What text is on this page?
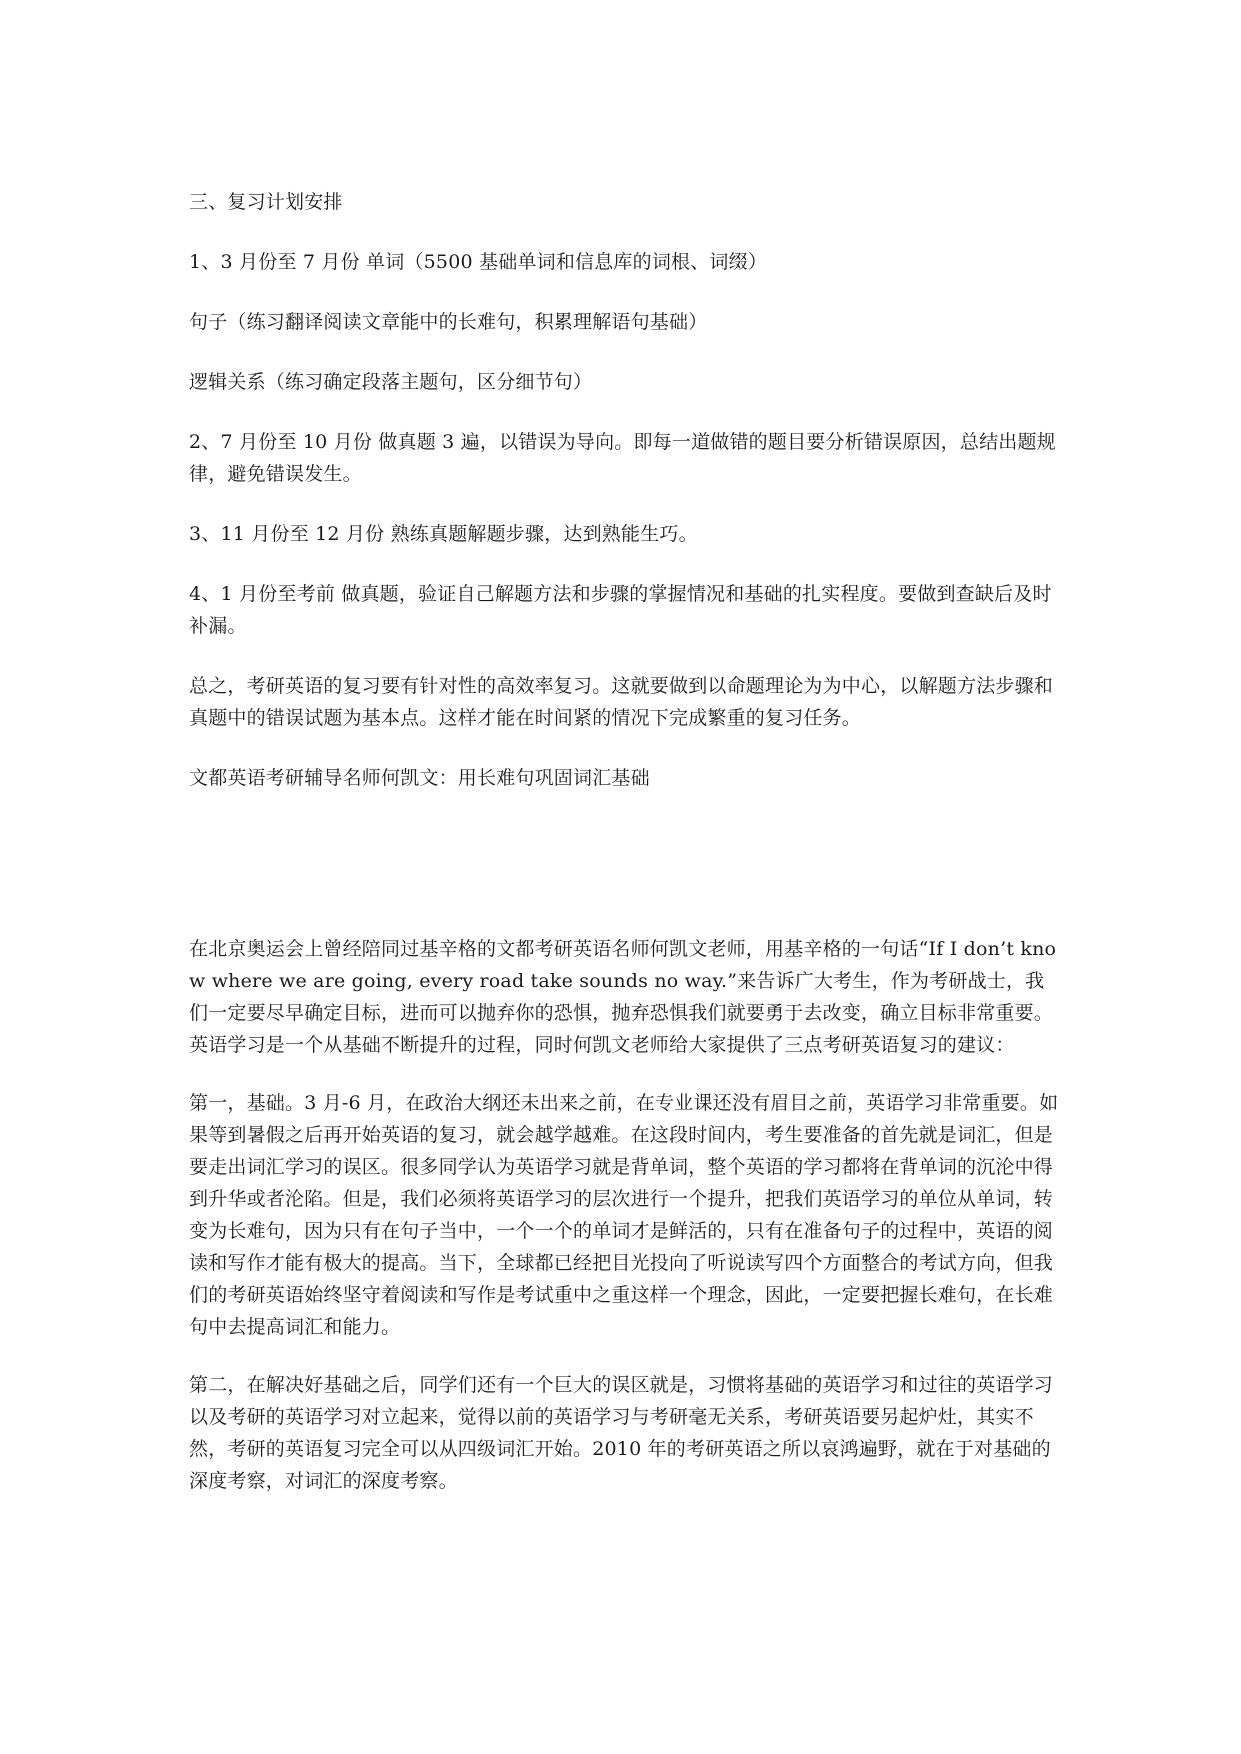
三、复习计划安排

1、3 月份至 7 月份 单词（5500 基础单词和信息库的词根、词缀）

句子（练习翻译阅读文章能中的长难句，积累理解语句基础）

逻辑关系（练习确定段落主题句，区分细节句）

2、7 月份至 10 月份 做真题 3 遍，以错误为导向。即每一道做错的题目要分析错误原因，总结出题规律，避免错误发生。

3、11 月份至 12 月份 熟练真题解题步骤，达到熟能生巧。

4、1 月份至考前 做真题，验证自己解题方法和步骤的掌握情况和基础的扎实程度。要做到查缺后及时补漏。

总之，考研英语的复习要有针对性的高效率复习。这就要做到以命题理论为为中心，以解题方法步骤和真题中的错误试题为基本点。这样才能在时间紧的情况下完成繁重的复习任务。

文都英语考研辅导名师何凯文：用长难句巩固词汇基础

在北京奥运会上曾经陪同过基辛格的文都考研英语名师何凯文老师，用基辛格的一句话“If I don’t know where we are going, every road take sounds no way.”来告诉广大考生，作为考研战士，我们一定要尽早确定目标，进而可以抛弃你的恐惧，抛弃恐惧我们就要勇于去改变，确立目标非常重要。英语学习是一个从基础不断提升的过程，同时何凯文老师给大家提供了三点考研英语复习的建议：

第一，基础。3 月-6 月，在政治大纲还未出来之前，在专业课还没有眉目之前，英语学习非常重要。如果等到暑假之后再开始英语的复习，就会越学越难。在这段时间内，考生要准备的首先就是词汇，但是要走出词汇学习的误区。很多同学认为英语学习就是背单词，整个英语的学习都将在背单词的沉沦中得到升华或者沦陷。但是，我们必须将英语学习的层次进行一个提升，把我们英语学习的单位从单词，转变为长难句，因为只有在句子当中，一个一个的单词才是鲜活的，只有在准备句子的过程中，英语的阅读和写作才能有极大的提高。当下，全球都已经把目光投向了听说读写四个方面整合的考试方向，但我们的考研英语始终坚守着阅读和写作是考试重中之重这样一个理念，因此，一定要把握长难句，在长难句中去提高词汇和能力。

第二，在解决好基础之后，同学们还有一个巨大的误区就是，习惯将基础的英语学习和过往的英语学习以及考研的英语学习对立起来，觉得以前的英语学习与考研毫无关系，考研英语要另起炉灶，其实不然，考研的英语复习完全可以从四级词汇开始。2010 年的考研英语之所以哀鸿遍野，就在于对基础的深度考察，对词汇的深度考察。
